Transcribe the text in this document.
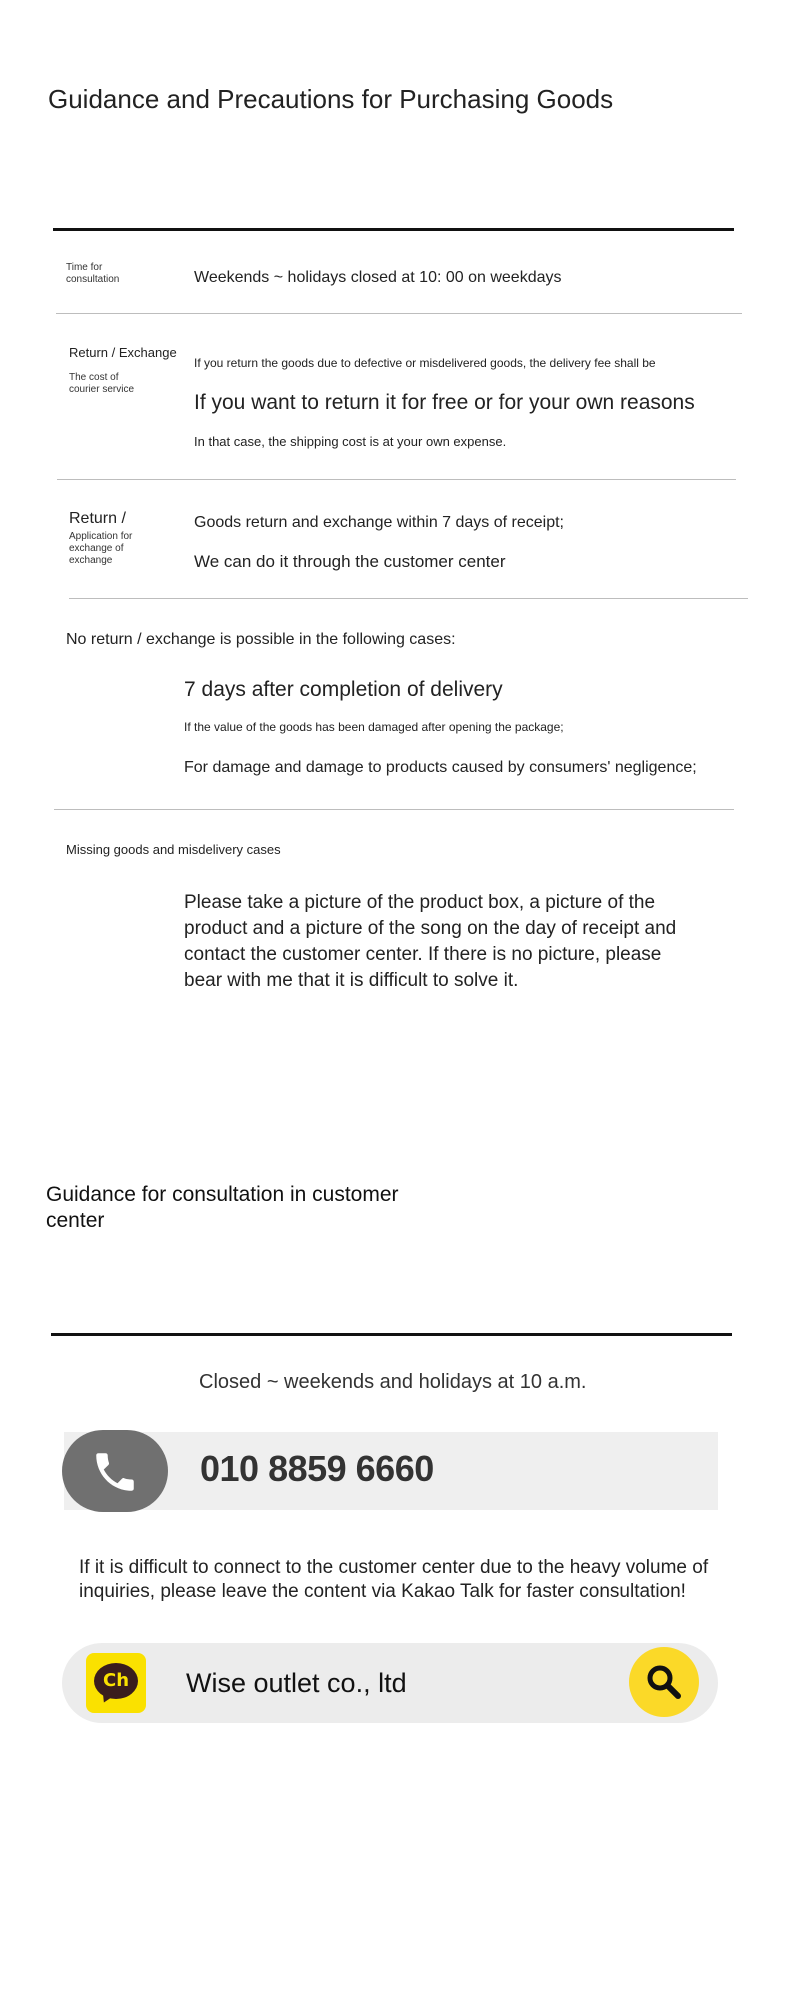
Guidance and Precautions for Purchasing Goods
Time for consultation	Weekends ~ holidays closed at 10: 00 on weekdays
Return / Exchange
The cost of courier service
If you return the goods due to defective or misdelivered goods, the delivery fee shall be
If you want to return it for free or for your own reasons
In that case, the shipping cost is at your own expense.
Return /
Application for exchange of exchange
Goods return and exchange within 7 days of receipt;
We can do it through the customer center
No return / exchange is possible in the following cases:
7 days after completion of delivery
If the value of the goods has been damaged after opening the package;
For damage and damage to products caused by consumers' negligence;
Missing goods and misdelivery cases
Please take a picture of the product box, a picture of the product and a picture of the song on the day of receipt and contact the customer center. If there is no picture, please bear with me that it is difficult to solve it.
Guidance for consultation in customer center
Closed ~ weekends and holidays at 10 a.m.
010 8859 6660
If it is difficult to connect to the customer center due to the heavy volume of inquiries, please leave the content via Kakao Talk for faster consultation!
Ch	Wise outlet co., ltd
